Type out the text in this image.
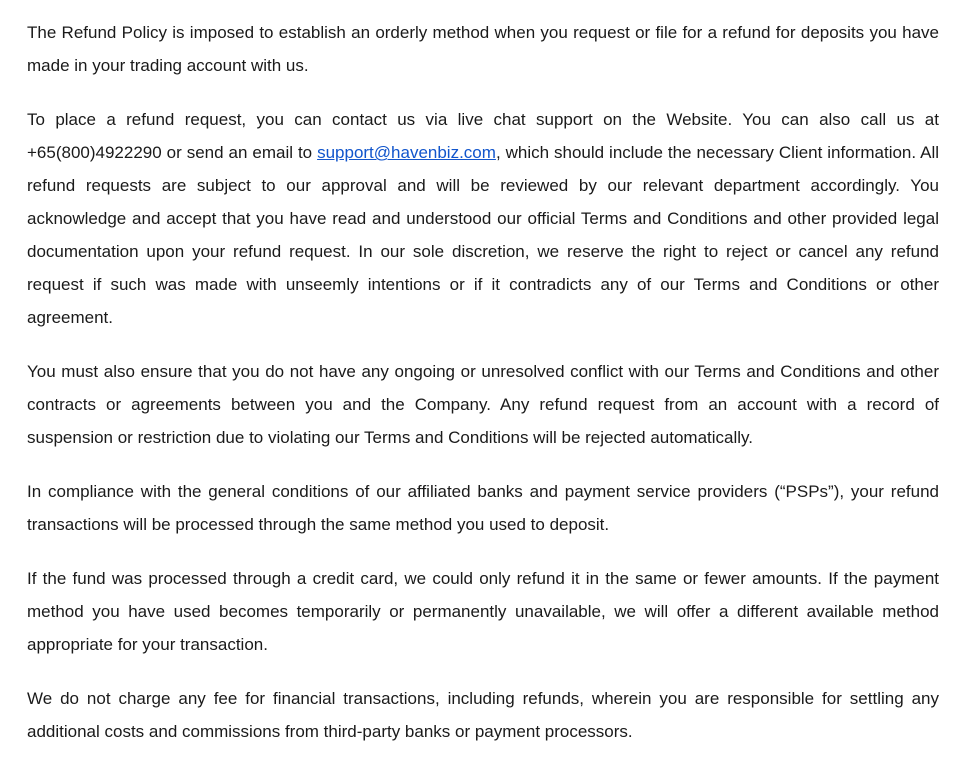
The Refund Policy is imposed to establish an orderly method when you request or file for a refund for deposits you have made in your trading account with us.

To place a refund request, you can contact us via live chat support on the Website. You can also call us at +65(800)4922290 or send an email to support@havenbiz.com, which should include the necessary Client information. All refund requests are subject to our approval and will be reviewed by our relevant department accordingly. You acknowledge and accept that you have read and understood our official Terms and Conditions and other provided legal documentation upon your refund request. In our sole discretion, we reserve the right to reject or cancel any refund request if such was made with unseemly intentions or if it contradicts any of our Terms and Conditions or other agreement.

You must also ensure that you do not have any ongoing or unresolved conflict with our Terms and Conditions and other contracts or agreements between you and the Company. Any refund request from an account with a record of suspension or restriction due to violating our Terms and Conditions will be rejected automatically.

In compliance with the general conditions of our affiliated banks and payment service providers (“PSPs”), your refund transactions will be processed through the same method you used to deposit.

If the fund was processed through a credit card, we could only refund it in the same or fewer amounts. If the payment method you have used becomes temporarily or permanently unavailable, we will offer a different available method appropriate for your transaction.

We do not charge any fee for financial transactions, including refunds, wherein you are responsible for settling any additional costs and commissions from third-party banks or payment processors.
